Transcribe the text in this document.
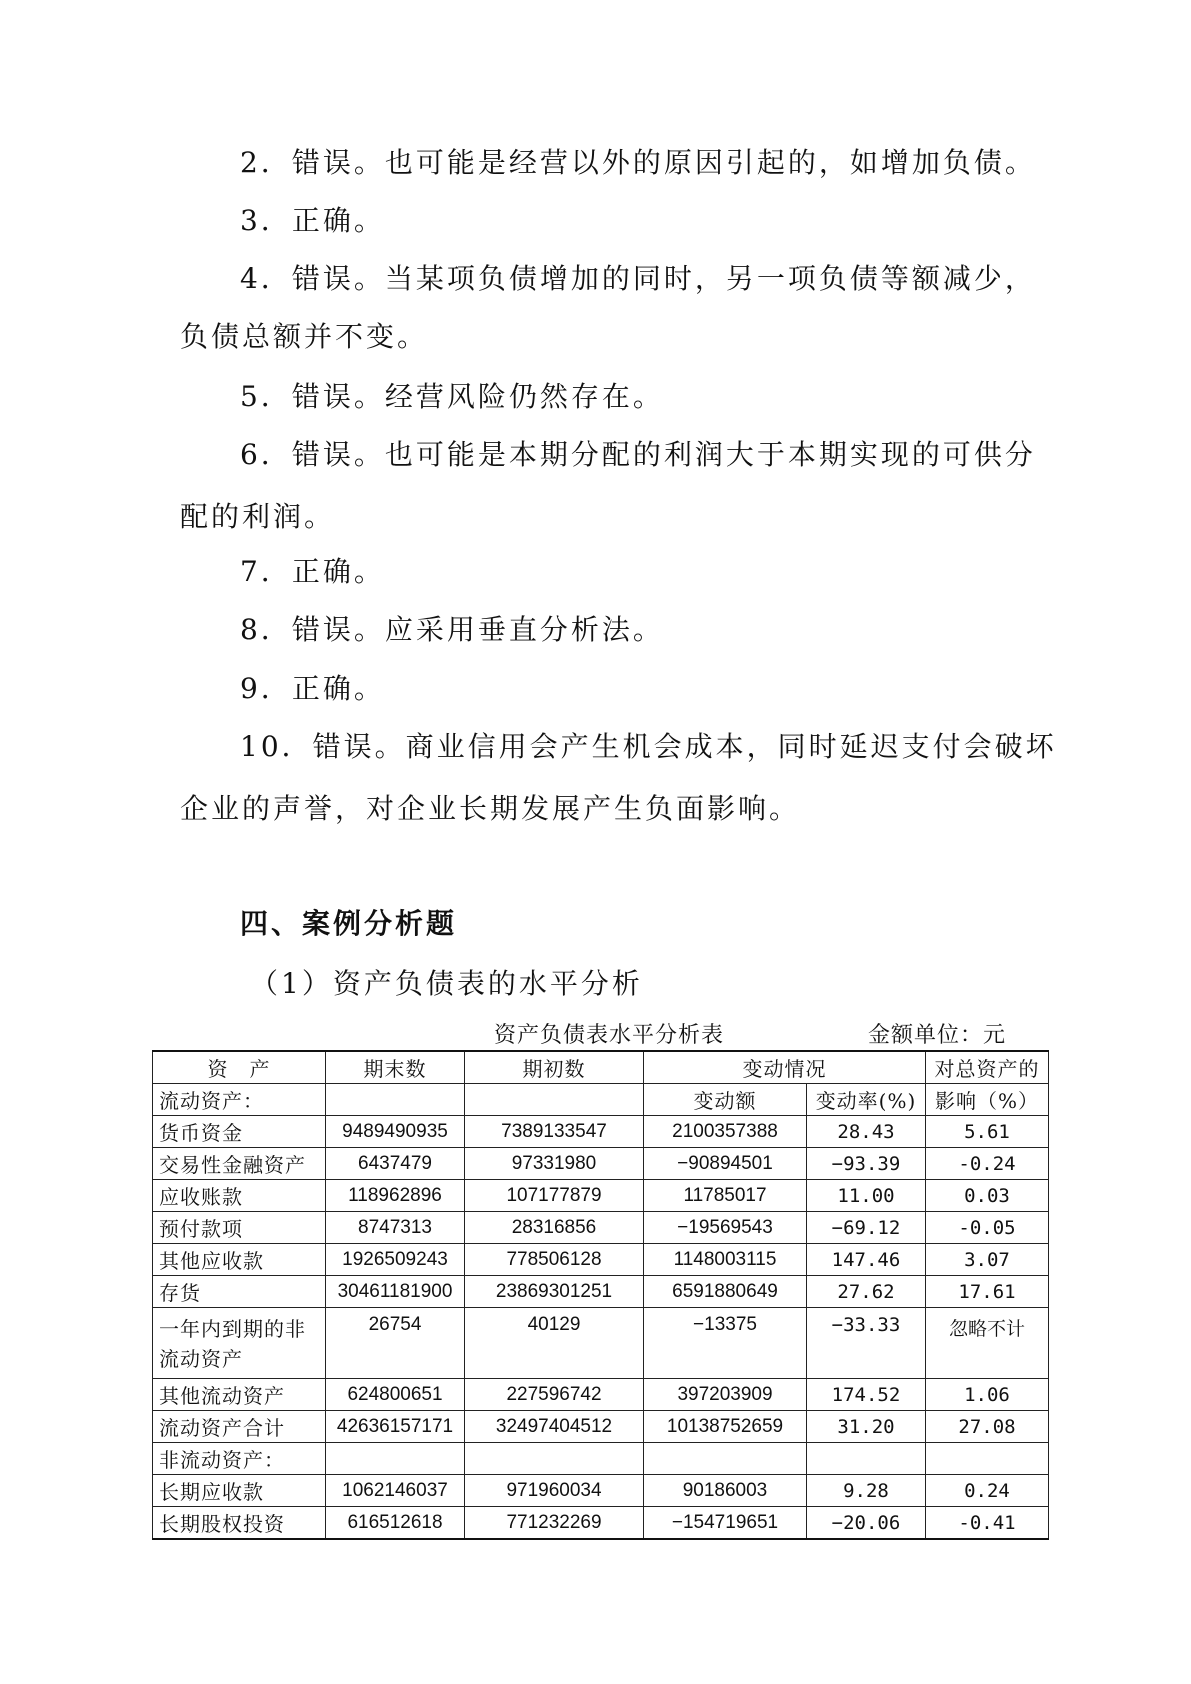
2．错误。也可能是经营以外的原因引起的，如增加负债。
3．正确。
4．错误。当某项负债增加的同时，另一项负债等额减少，
负债总额并不变。
5．错误。经营风险仍然存在。
6．错误。也可能是本期分配的利润大于本期实现的可供分
配的利润。
7．正确。
8．错误。应采用垂直分析法。
9．正确。
10．错误。商业信用会产生机会成本，同时延迟支付会破坏
企业的声誉，对企业长期发展产生负面影响。
四、案例分析题
（1）资产负债表的水平分析
资产负债表水平分析表	金额单位：元
资　产	期末数	期初数	变动情况		对总资产的
流动资产：			变动额	变动率(%)	影响（%）
货币资金	9489490935	7389133547	2100357388	28.43	5.61
交易性金融资产	6437479	97331980	−90894501	−93.39	-0.24
应收账款	118962896	107177879	11785017	11.00	0.03
预付款项	8747313	28316856	−19569543	−69.12	-0.05
其他应收款	1926509243	778506128	1148003115	147.46	3.07
存货	30461181900	23869301251	6591880649	27.62	17.61

一年内到期的非
流动资产	26754	40129	−13375	−33.33	忽略不计
其他流动资产	624800651	227596742	397203909	174.52	1.06
流动资产合计	42636157171	32497404512	10138752659	31.20	27.08
非流动资产：					
长期应收款	1062146037	971960034	90186003	9.28	0.24
长期股权投资	616512618	771232269	−154719651	−20.06	-0.41
